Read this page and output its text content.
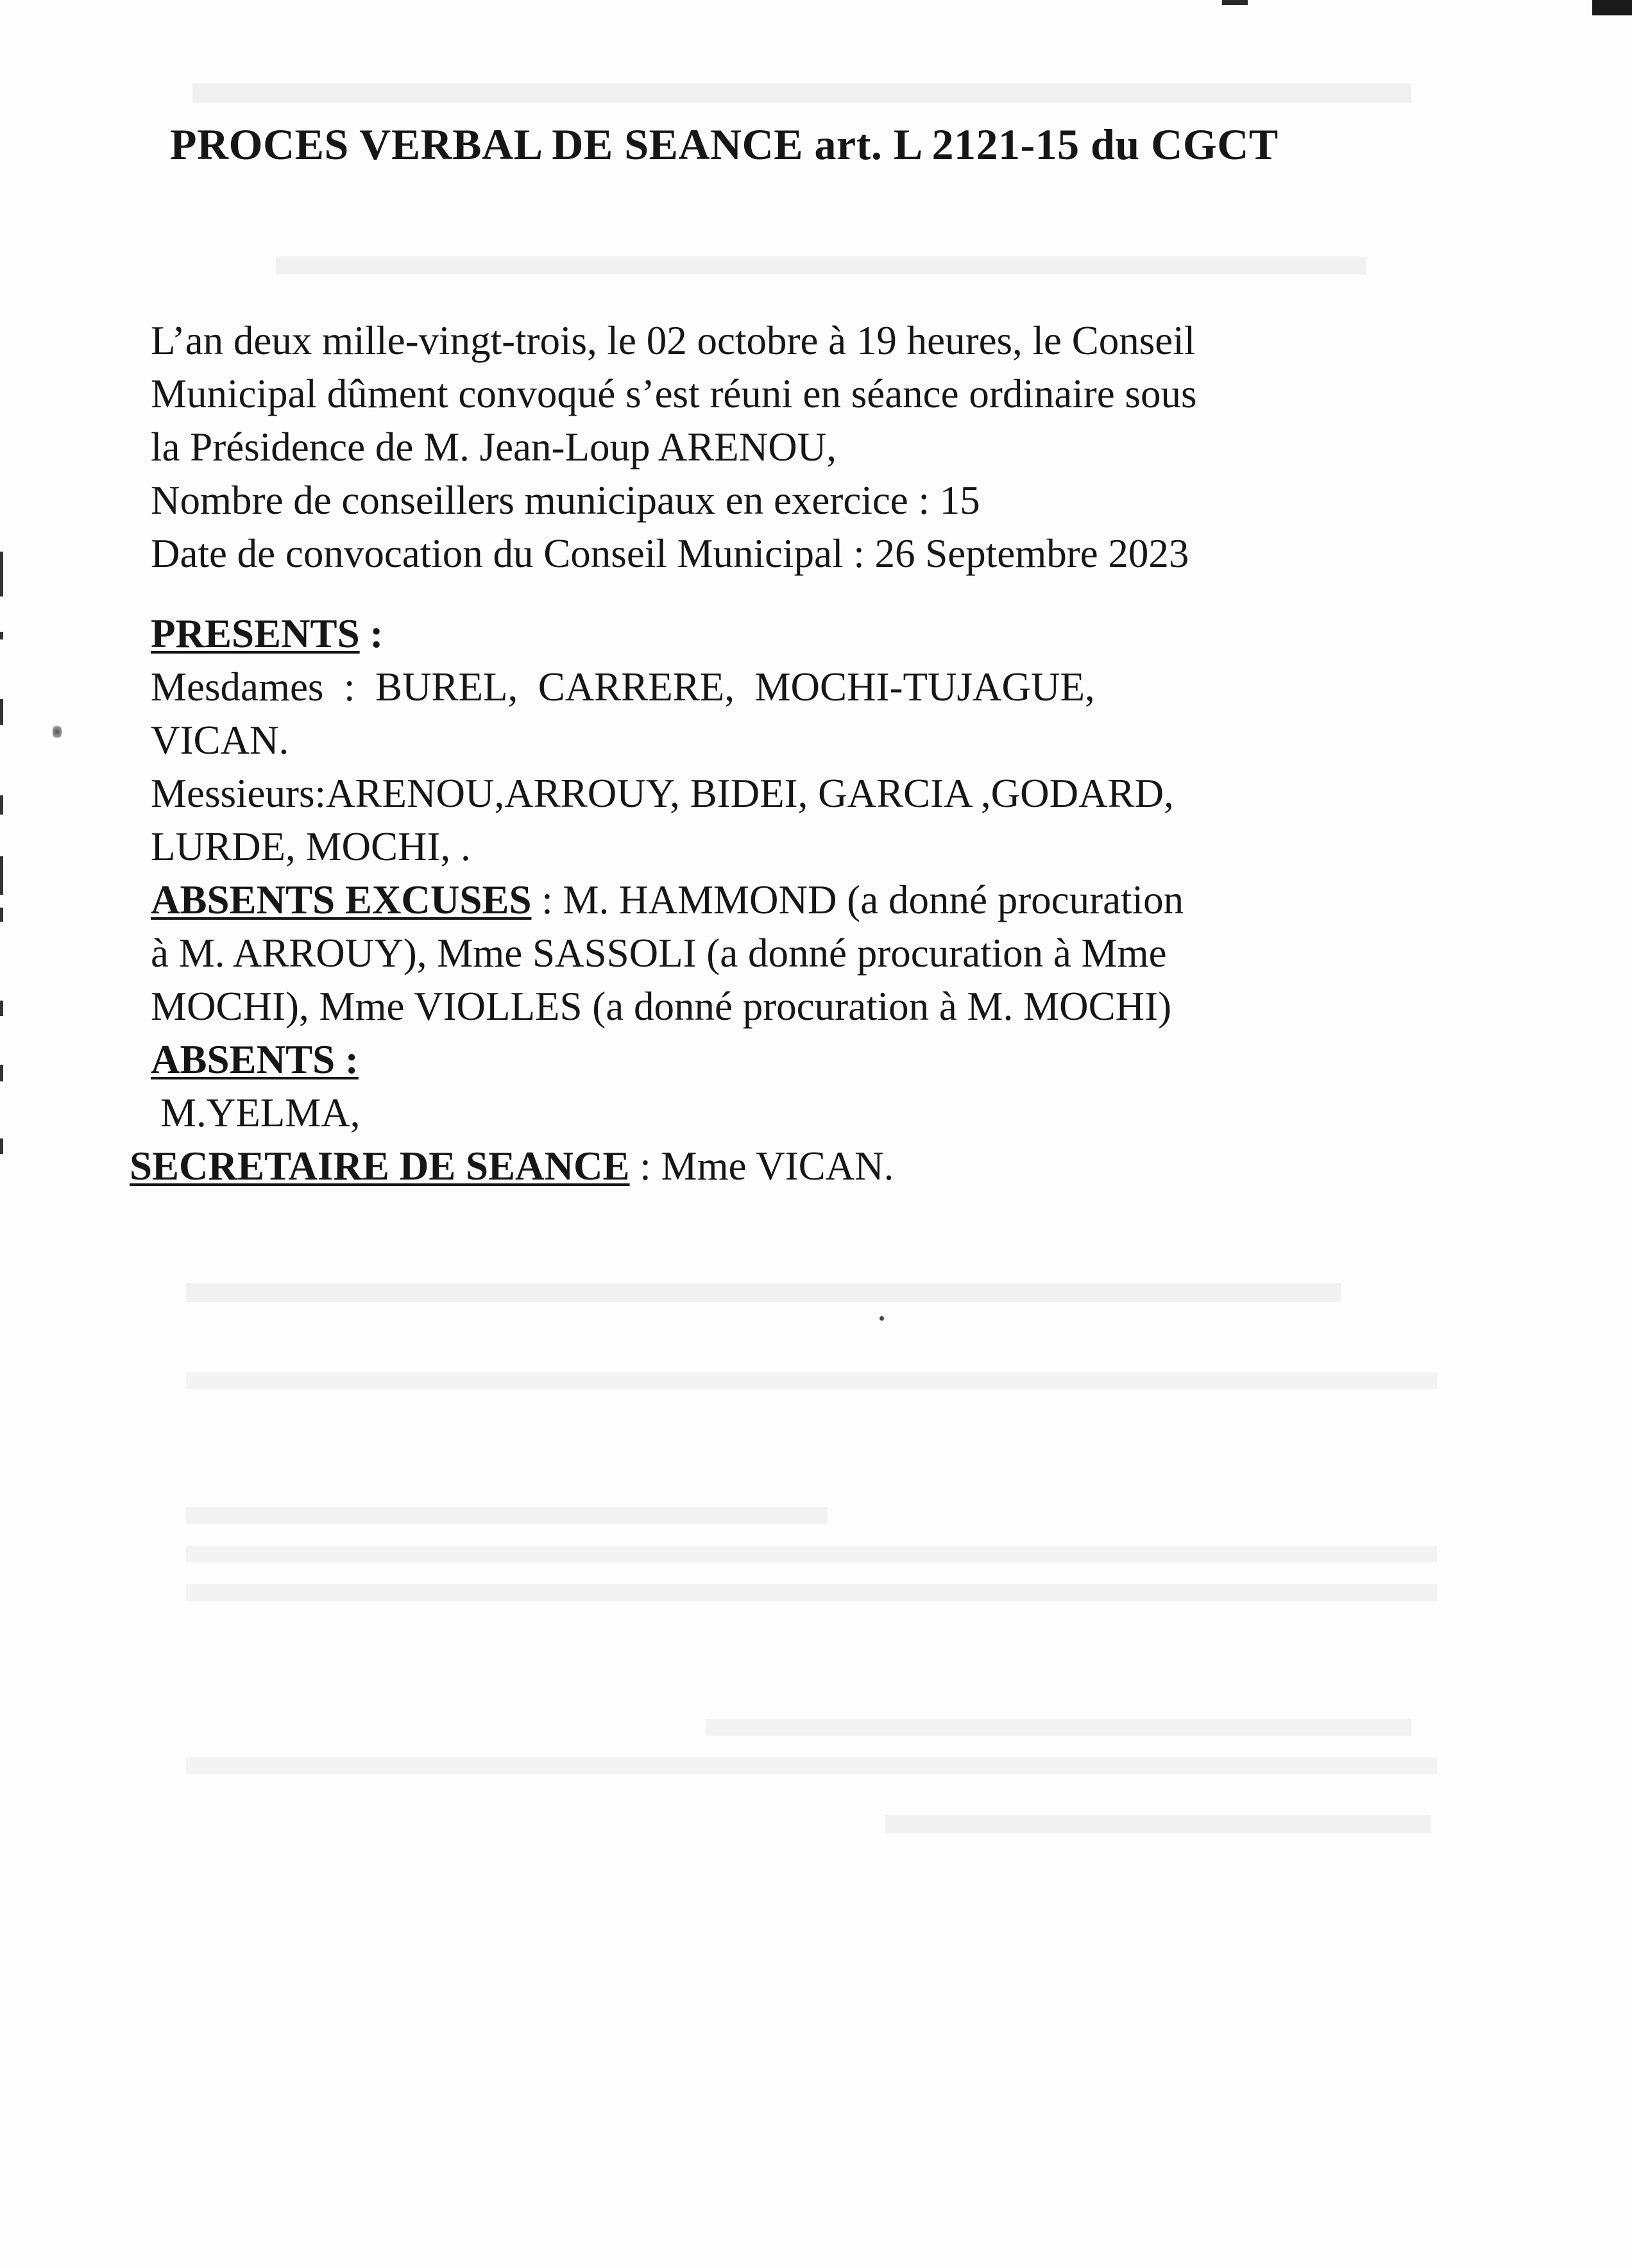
PROCES VERBAL DE SEANCE art. L 2121-15 du CGCT
L’an deux mille-vingt-trois, le 02 octobre à 19 heures, le Conseil
Municipal dûment convoqué s’est réuni en séance ordinaire sous
la Présidence de M. Jean-Loup ARENOU,
Nombre de conseillers municipaux en exercice : 15
Date de convocation du Conseil Municipal : 26 Septembre 2023
PRESENTS :
Mesdames  :  BUREL,  CARRERE,  MOCHI-TUJAGUE,
VICAN.
Messieurs:ARENOU,ARROUY, BIDEI, GARCIA ,GODARD,
LURDE, MOCHI, .
ABSENTS EXCUSES : M. HAMMOND (a donné procuration
à M. ARROUY), Mme SASSOLI (a donné procuration à Mme
MOCHI), Mme VIOLLES (a donné procuration à M. MOCHI)
ABSENTS :
M.YELMA,
SECRETAIRE DE SEANCE : Mme VICAN.
